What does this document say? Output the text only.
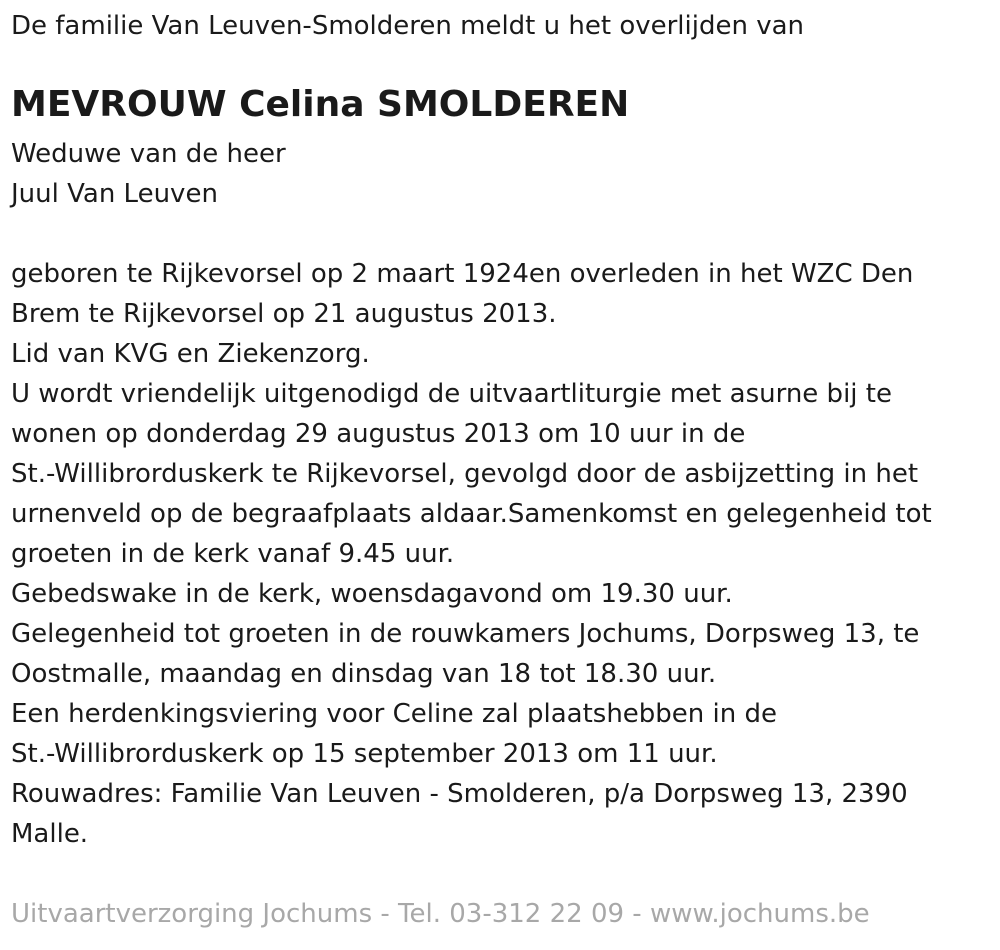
De familie Van Leuven-Smolderen meldt u het overlijden van
MEVROUW Celina SMOLDEREN
Weduwe van de heer
Juul Van Leuven
geboren te Rijkevorsel op 2 maart 1924en overleden in het WZC Den
Brem te Rijkevorsel op 21 augustus 2013.
Lid van KVG en Ziekenzorg.
U wordt vriendelijk uitgenodigd de uitvaartliturgie met asurne bij te
wonen op donderdag 29 augustus 2013 om 10 uur in de
St.-Willibrorduskerk te Rijkevorsel, gevolgd door de asbijzetting in het
urnenveld op de begraafplaats aldaar.Samenkomst en gelegenheid tot
groeten in de kerk vanaf 9.45 uur.
Gebedswake in de kerk, woensdagavond om 19.30 uur.
Gelegenheid tot groeten in de rouwkamers Jochums, Dorpsweg 13, te
Oostmalle, maandag en dinsdag van 18 tot 18.30 uur.
Een herdenkingsviering voor Celine zal plaatshebben in de
St.-Willibrorduskerk op 15 september 2013 om 11 uur.
Rouwadres: Familie Van Leuven - Smolderen, p/a Dorpsweg 13, 2390
Malle.
Uitvaartverzorging Jochums - Tel. 03-312 22 09 - www.jochums.be
